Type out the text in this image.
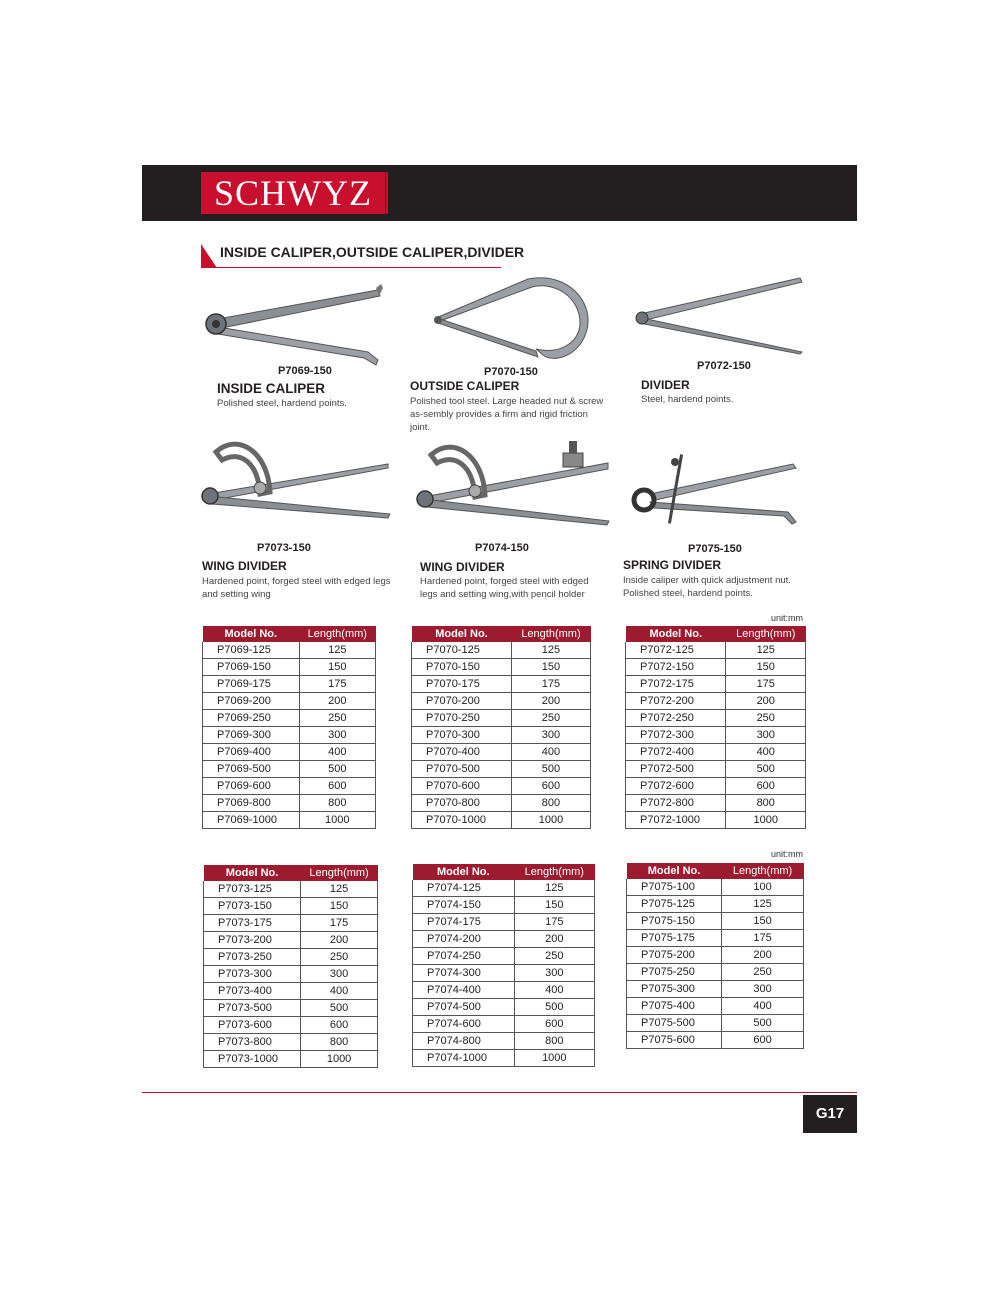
SCHWYZ
INSIDE CALIPER,OUTSIDE CALIPER,DIVIDER
P7069-150
INSIDE CALIPER
Polished steel, hardend points.
P7070-150
OUTSIDE CALIPER
Polished tool steel. Large headed nut & screw as-sembly provides a firm and rigid friction joint.
P7072-150
DIVIDER
Steel, hardend points.
P7073-150
WING DIVIDER
Hardened point, forged steel with edged legs and setting wing
P7074-150
WING DIVIDER
Hardened point, forged steel with edged legs and setting wing,with pencil holder
P7075-150
SPRING DIVIDER
Inside caliper with quick adjustment nut. Polished steel, hardend points.
unit:mm
unit:mm
Model No.	Length(mm)
P7069-125	125
P7069-150	150
P7069-175	175
P7069-200	200
P7069-250	250
P7069-300	300
P7069-400	400
P7069-500	500
P7069-600	600
P7069-800	800
P7069-1000	1000
Model No.	Length(mm)
P7070-125	125
P7070-150	150
P7070-175	175
P7070-200	200
P7070-250	250
P7070-300	300
P7070-400	400
P7070-500	500
P7070-600	600
P7070-800	800
P7070-1000	1000
Model No.	Length(mm)
P7072-125	125
P7072-150	150
P7072-175	175
P7072-200	200
P7072-250	250
P7072-300	300
P7072-400	400
P7072-500	500
P7072-600	600
P7072-800	800
P7072-1000	1000
Model No.	Length(mm)
P7073-125	125
P7073-150	150
P7073-175	175
P7073-200	200
P7073-250	250
P7073-300	300
P7073-400	400
P7073-500	500
P7073-600	600
P7073-800	800
P7073-1000	1000
Model No.	Length(mm)
P7074-125	125
P7074-150	150
P7074-175	175
P7074-200	200
P7074-250	250
P7074-300	300
P7074-400	400
P7074-500	500
P7074-600	600
P7074-800	800
P7074-1000	1000
Model No.	Length(mm)
P7075-100	100
P7075-125	125
P7075-150	150
P7075-175	175
P7075-200	200
P7075-250	250
P7075-300	300
P7075-400	400
P7075-500	500
P7075-600	600
G17
